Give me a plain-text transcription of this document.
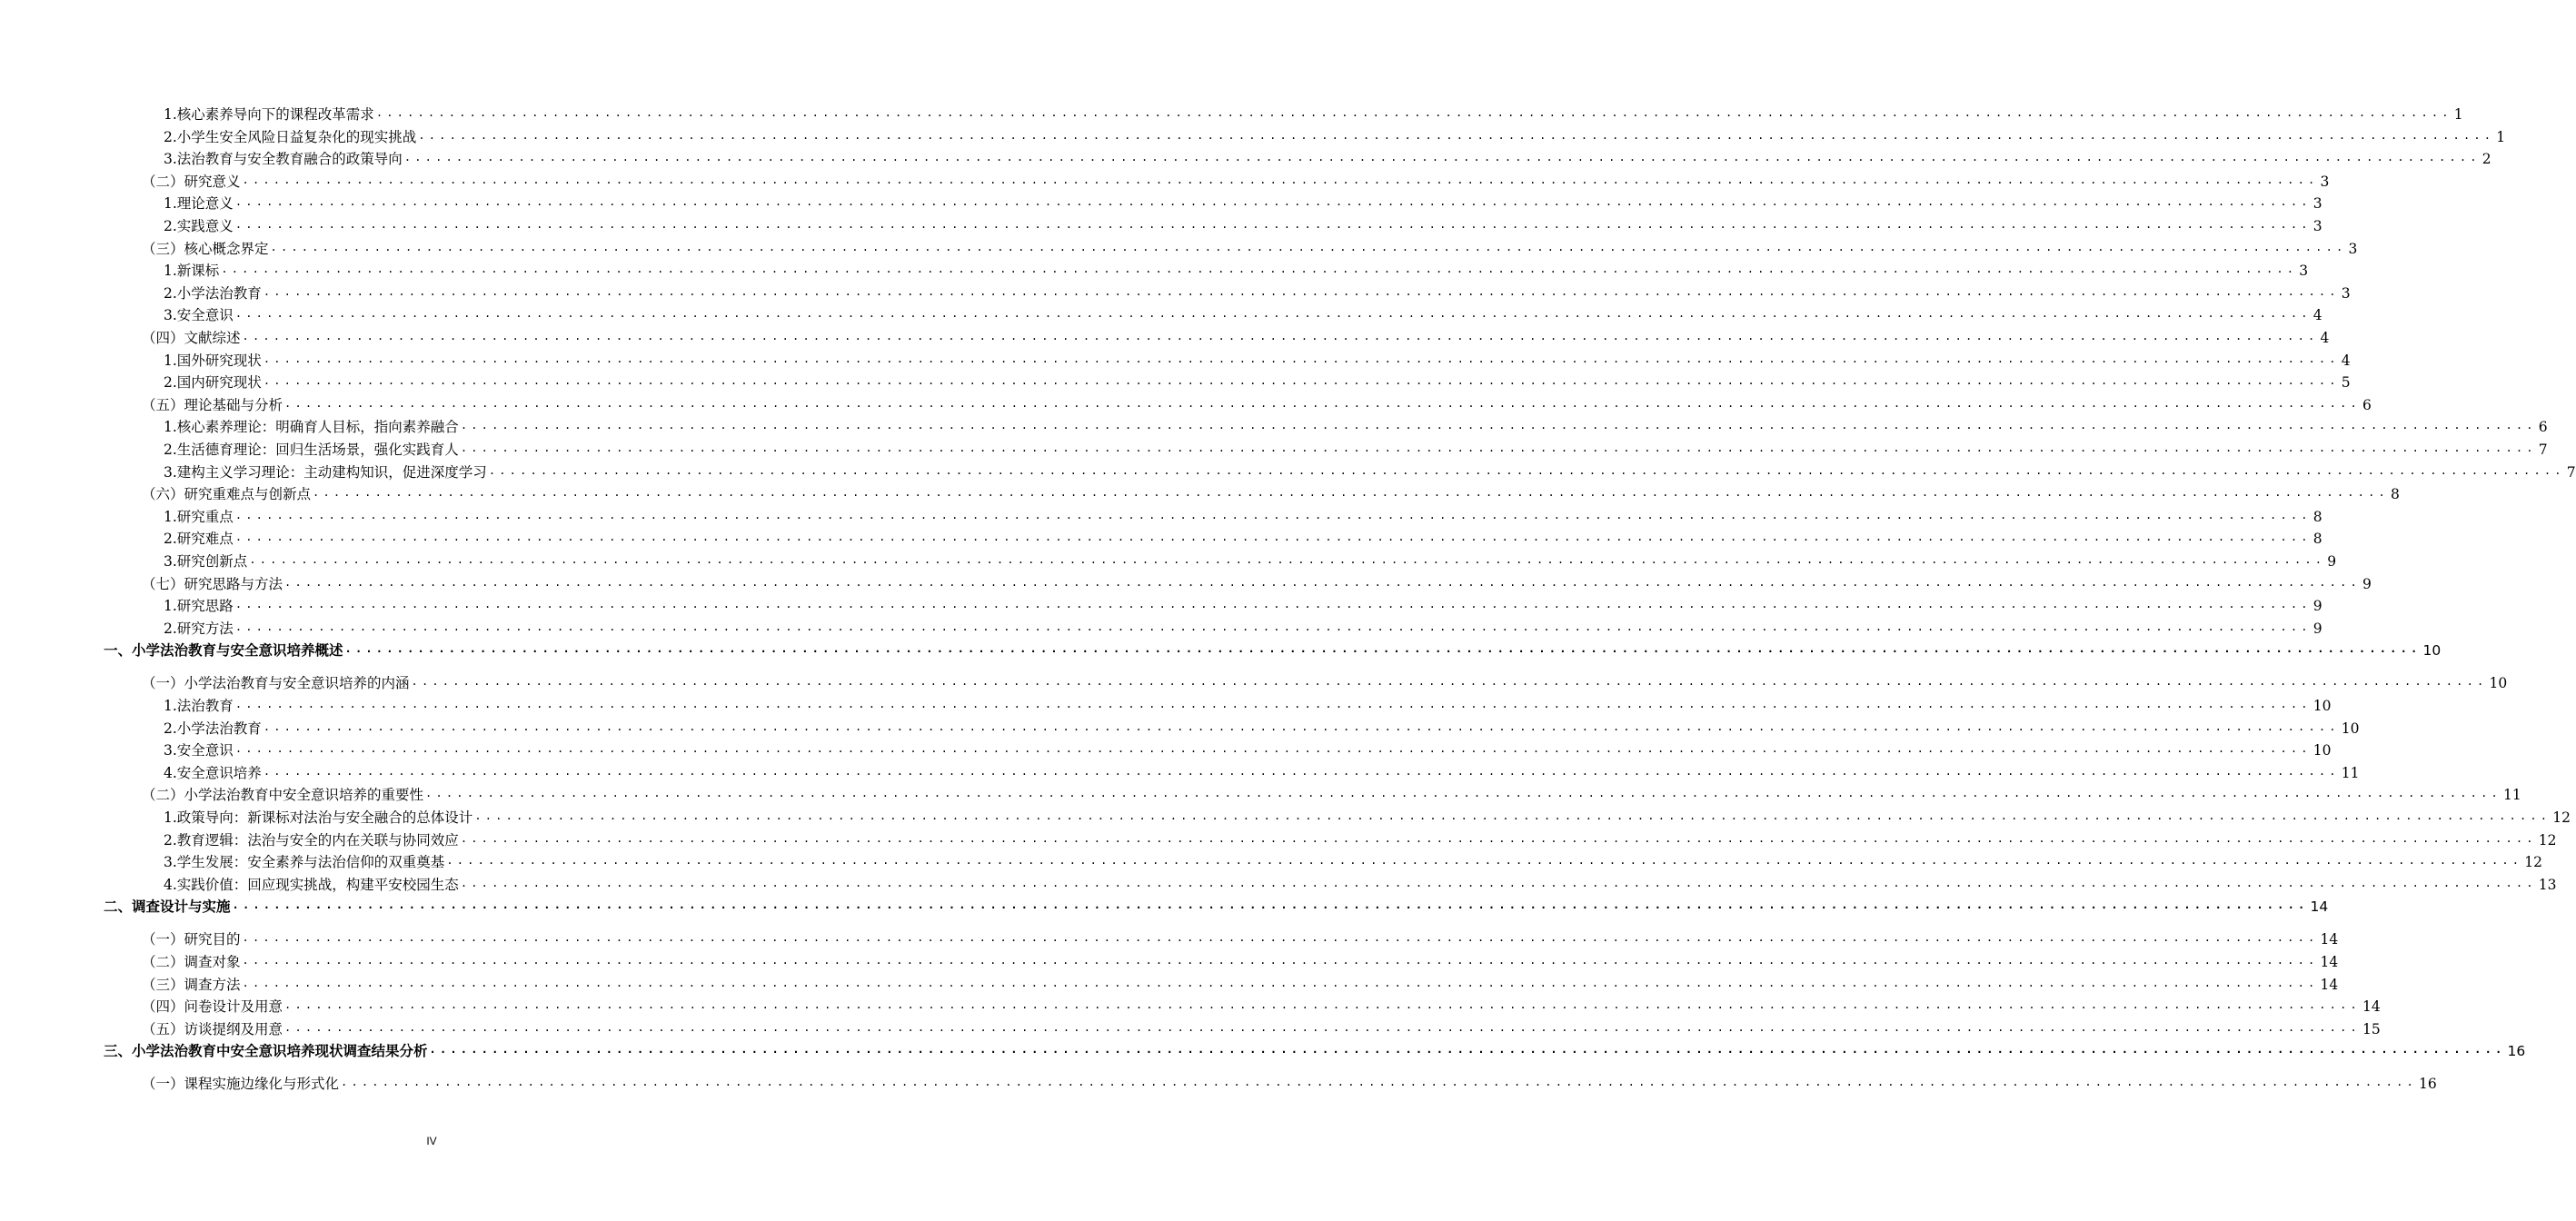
1. 核心素养导向下的课程改革需求 ........................................................................................................................................................................................................ 1
2. 小学生安全风险日益复杂化的现实挑战 ........................................................................................................................................................................................................ 1
3. 法治教育与安全教育融合的政策导向 ........................................................................................................................................................................................................ 2
（二） 研究意义 ........................................................................................................................................................................................................ 3
1. 理论意义 ........................................................................................................................................................................................................ 3
2. 实践意义 ........................................................................................................................................................................................................ 3
（三） 核心概念界定 ........................................................................................................................................................................................................ 3
1. 新课标 ........................................................................................................................................................................................................ 3
2. 小学法治教育 ........................................................................................................................................................................................................ 3
3. 安全意识 ........................................................................................................................................................................................................ 4
（四） 文献综述 ........................................................................................................................................................................................................ 4
1. 国外研究现状 ........................................................................................................................................................................................................ 4
2. 国内研究现状 ........................................................................................................................................................................................................ 5
（五） 理论基础与分析 ........................................................................................................................................................................................................ 6
1. 核心素养理论：明确育人目标，指向素养融合 ........................................................................................................................................................................................................ 6
2. 生活德育理论：回归生活场景，强化实践育人 ........................................................................................................................................................................................................ 7
3. 建构主义学习理论：主动建构知识，促进深度学习 ........................................................................................................................................................................................................ 7
（六） 研究重难点与创新点 ........................................................................................................................................................................................................ 8
1. 研究重点 ........................................................................................................................................................................................................ 8
2. 研究难点 ........................................................................................................................................................................................................ 8
3. 研究创新点 ........................................................................................................................................................................................................ 9
（七） 研究思路与方法 ........................................................................................................................................................................................................ 9
1. 研究思路 ........................................................................................................................................................................................................ 9
2. 研究方法 ........................................................................................................................................................................................................ 9
一、 小学法治教育与安全意识培养概述 ........................................................................................................................................................................................................ 10
（一） 小学法治教育与安全意识培养的内涵 ........................................................................................................................................................................................................ 10
1. 法治教育 ........................................................................................................................................................................................................ 10
2. 小学法治教育 ........................................................................................................................................................................................................ 10
3. 安全意识 ........................................................................................................................................................................................................ 10
4. 安全意识培养 ........................................................................................................................................................................................................ 11
（二） 小学法治教育中安全意识培养的重要性 ........................................................................................................................................................................................................ 11
1. 政策导向：新课标对法治与安全融合的总体设计 ........................................................................................................................................................................................................ 12
2. 教育逻辑：法治与安全的内在关联与协同效应 ........................................................................................................................................................................................................ 12
3. 学生发展：安全素养与法治信仰的双重奠基 ........................................................................................................................................................................................................ 12
4. 实践价值：回应现实挑战，构建平安校园生态 ........................................................................................................................................................................................................ 13
二、 调查设计与实施 ........................................................................................................................................................................................................ 14
（一） 研究目的 ........................................................................................................................................................................................................ 14
（二） 调查对象 ........................................................................................................................................................................................................ 14
（三） 调查方法 ........................................................................................................................................................................................................ 14
（四） 问卷设计及用意 ........................................................................................................................................................................................................ 14
（五） 访谈提纲及用意 ........................................................................................................................................................................................................ 15
三、 小学法治教育中安全意识培养现状调查结果分析 ........................................................................................................................................................................................................ 16
（一） 课程实施边缘化与形式化 ........................................................................................................................................................................................................ 16
IV
